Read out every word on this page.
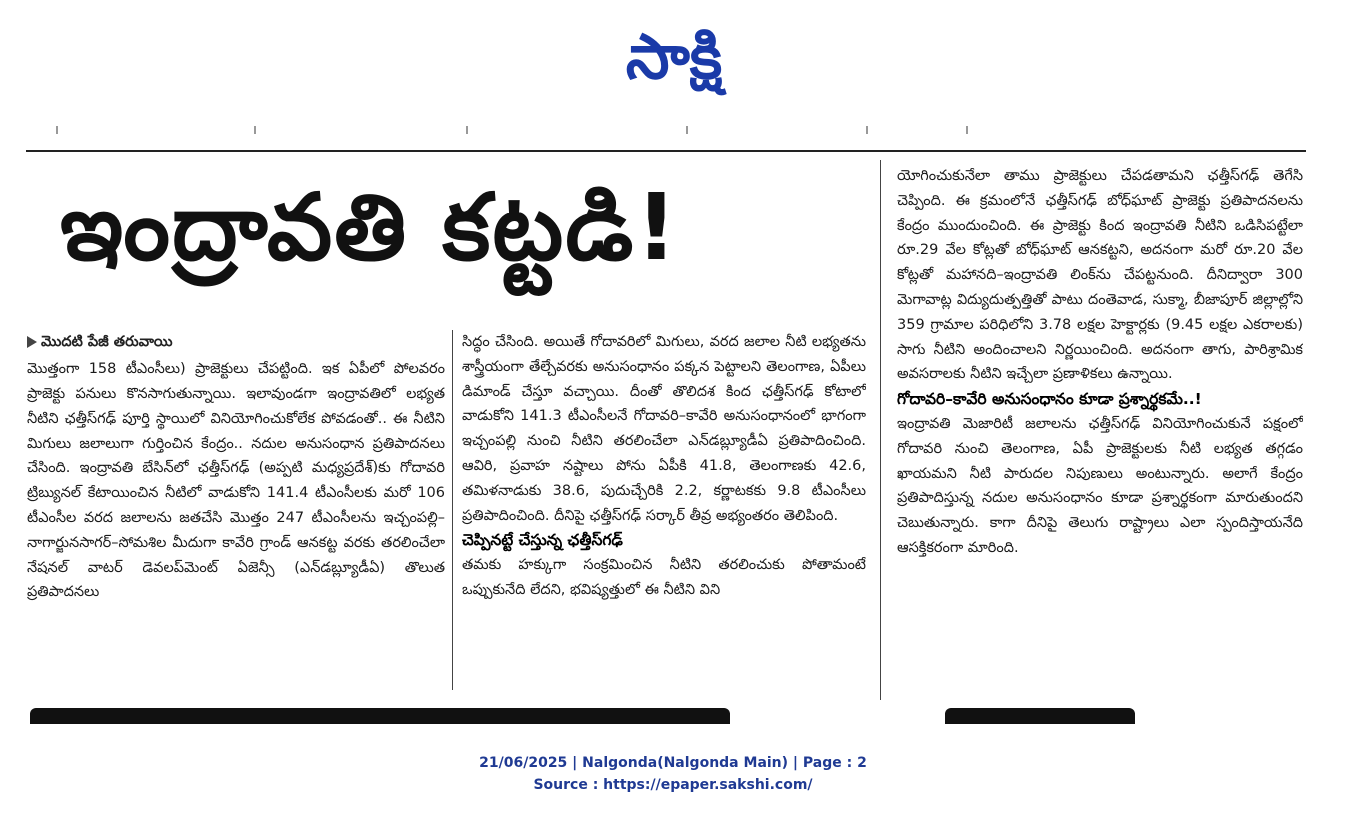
సాక్షి
ఇంద్రావతి కట్టడి!

మొదటి పేజీ తరువాయి

మొత్తంగా 158 టీఎంసీలు) ప్రాజెక్టులు చేపట్టింది. ఇక ఏపీలో పోలవరం ప్రాజెక్టు పనులు కొనసాగుతున్నాయి. ఇలావుండగా ఇంద్రావతిలో లభ్యత నీటిని ఛత్తీస్‌గఢ్ పూర్తి స్థాయిలో వినియోగించుకోలేక పోవడంతో.. ఈ నీటిని మిగులు జలాలుగా గుర్తించిన కేంద్రం.. నదుల అనుసంధాన ప్రతిపాదనలు చేసింది. ఇంద్రావతి బేసిన్‌లో ఛత్తీస్‌గఢ్ (అప్పటి మధ్యప్రదేశ్)కు గోదావరి ట్రిబ్యునల్ కేటాయించిన నీటిలో వాడుకోని 141.4 టీఎంసీలకు మరో 106 టీఎంసీల వరద జలాలను జతచేసి మొత్తం 247 టీఎంసీలను ఇచ్చంపల్లి–నాగార్జునసాగర్–సోమశిల మీదుగా కావేరి గ్రాండ్ ఆనకట్ట వరకు తరలించేలా నేషనల్ వాటర్ డెవలప్‌మెంట్ ఏజెన్సీ (ఎన్‌డబ్ల్యూడీఏ) తొలుత ప్రతిపాదనలు

సిద్ధం చేసింది. అయితే గోదావరిలో మిగులు, వరద జలాల నీటి లభ్యతను శాస్త్రీయంగా తేల్చేవరకు అనుసంధానం పక్కన పెట్టాలని తెలంగాణ, ఏపీలు డిమాండ్ చేస్తూ వచ్చాయి. దీంతో తొలిదశ కింద ఛత్తీస్‌గఢ్ కోటాలో వాడుకోని 141.3 టీఎంసీలనే గోదావరి–కావేరి అనుసంధానంలో భాగంగా ఇచ్చంపల్లి నుంచి నీటిని తరలించేలా ఎన్‌డబ్ల్యూడీఏ ప్రతిపాదించింది. ఆవిరి, ప్రవాహ నష్టాలు పోను ఏపీకి 41.8, తెలంగాణకు 42.6, తమిళనాడుకు 38.6, పుదుచ్చేరికి 2.2, కర్ణాటకకు 9.8 టీఎంసీలు ప్రతిపాదించింది. దీనిపై ఛత్తీస్‌గఢ్ సర్కార్ తీవ్ర అభ్యంతరం తెలిపింది.

చెప్పినట్టే చేస్తున్న ఛత్తీస్‌గఢ్

తమకు హక్కుగా సంక్రమించిన నీటిని తరలించుకు పోతామంటే ఒప్పుకునేది లేదని, భవిష్యత్తులో ఈ నీటిని విని

యోగించుకునేలా తాము ప్రాజెక్టులు చేపడతామని ఛత్తీస్‌గఢ్ తెగేసి చెప్పింది. ఈ క్రమంలోనే ఛత్తీస్‌గఢ్ బోధ్‌ఘాట్ ప్రాజెక్టు ప్రతిపాదనలను కేంద్రం ముందుంచింది. ఈ ప్రాజెక్టు కింద ఇంద్రావతి నీటిని ఒడిసిపట్టేలా రూ.29 వేల కోట్లతో బోధ్‌ఘాట్ ఆనకట్టని, అదనంగా మరో రూ.20 వేల కోట్లతో మహానది–ఇంద్రావతి లింక్‌ను చేపట్టనుంది. దీనిద్వారా 300 మెగావాట్ల విద్యుదుత్పత్తితో పాటు దంతెవాడ, సుక్మా, బీజాపూర్ జిల్లాల్లోని 359 గ్రామాల పరిధిలోని 3.78 లక్షల హెక్టార్లకు (9.45 లక్షల ఎకరాలకు) సాగు నీటిని అందించాలని నిర్ణయించింది. అదనంగా తాగు, పారిశ్రామిక అవసరాలకు నీటిని ఇచ్చేలా ప్రణాళికలు ఉన్నాయి.

గోదావరి–కావేరి అనుసంధానం కూడా ప్రశ్నార్థకమే..!

ఇంద్రావతి మెజారిటీ జలాలను ఛత్తీస్‌గఢ్ వినియోగించుకునే పక్షంలో గోదావరి నుంచి తెలంగాణ, ఏపీ ప్రాజెక్టులకు నీటి లభ్యత తగ్గడం ఖాయమని నీటి పారుదల నిపుణులు అంటున్నారు. అలాగే కేంద్రం ప్రతిపాదిస్తున్న నదుల అనుసంధానం కూడా ప్రశ్నార్థకంగా మారుతుందని చెబుతున్నారు. కాగా దీనిపై తెలుగు రాష్ట్రాలు ఎలా స్పందిస్తాయనేది ఆసక్తికరంగా మారింది.

21/06/2025 | Nalgonda(Nalgonda Main) | Page : 2
Source : https://epaper.sakshi.com/
